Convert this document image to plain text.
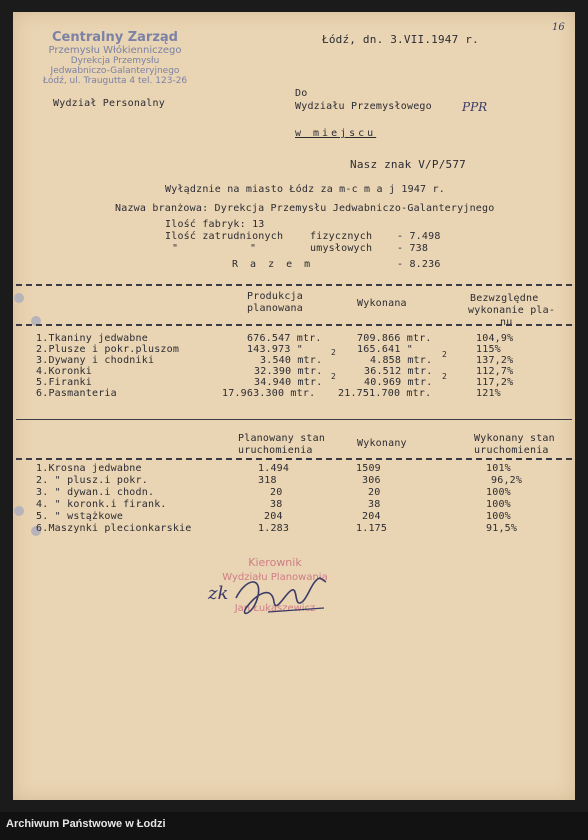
Centralny Zarząd
Przemysłu Włókienniczego
Dyrekcja Przemysłu
Jedwabniczo-Galanteryjnego
Łódź, ul. Traugutta 4 tel. 123-26
Wydział Personalny
Łódź, dn. 3.VII.1947 r.
16
Do
Wydziału Przemysłowego	PPR
w miejscu
Nasz znak V/P/577
Wyłądznie na miasto Łódz za m-c m a j 1947 r.
Nazwa branżowa: Dyrekcja Przemysłu Jedwabniczo-Galanteryjnego
Ilość fabryk: 13
Ilość zatrudnionych	fizycznych - 7.498
"	"	umysłowych - 738
R a z e m	- 8.236
Produkcja
planowana	Wykonana	Bezwzględne
wykonanie pla-
nu
1.Tkaniny jedwabne	676.547 mtr.	709.866 mtr.	104,9%
2.Plusze i pokr.pluszom	143.973 "	165.641 "	115%
3.Dywany i chodniki	3.540 mtr.	4.858 mtr.	137,2%
4.Koronki	32.390 mtr.	36.512 mtr.	112,7%
5.Firanki	34.940 mtr.	40.969 mtr.	117,2%
6.Pasmanteria	17.963.300 mtr. 21.751.700 mtr.	121%
2	2
2	2
Planowany stan
uruchomienia
Wykonany	Wykonany stan
uruchomienia
1.Krosna jedwabne	1.494	1509	101%
2. " plusz.i pokr.	318	306	96,2%
3. " dywan.i chodn.	20	20	100%
4. " koronk.i firank.	38	38	100%
5. " wstążkowe	204	204	100%
6.Maszynki plecionkarskie	1.283	1.175	91,5%
Kierownik
Wydziału Planowania
Jan Łukaszewicz
zk
Archiwum Państwowe w Łodzi
